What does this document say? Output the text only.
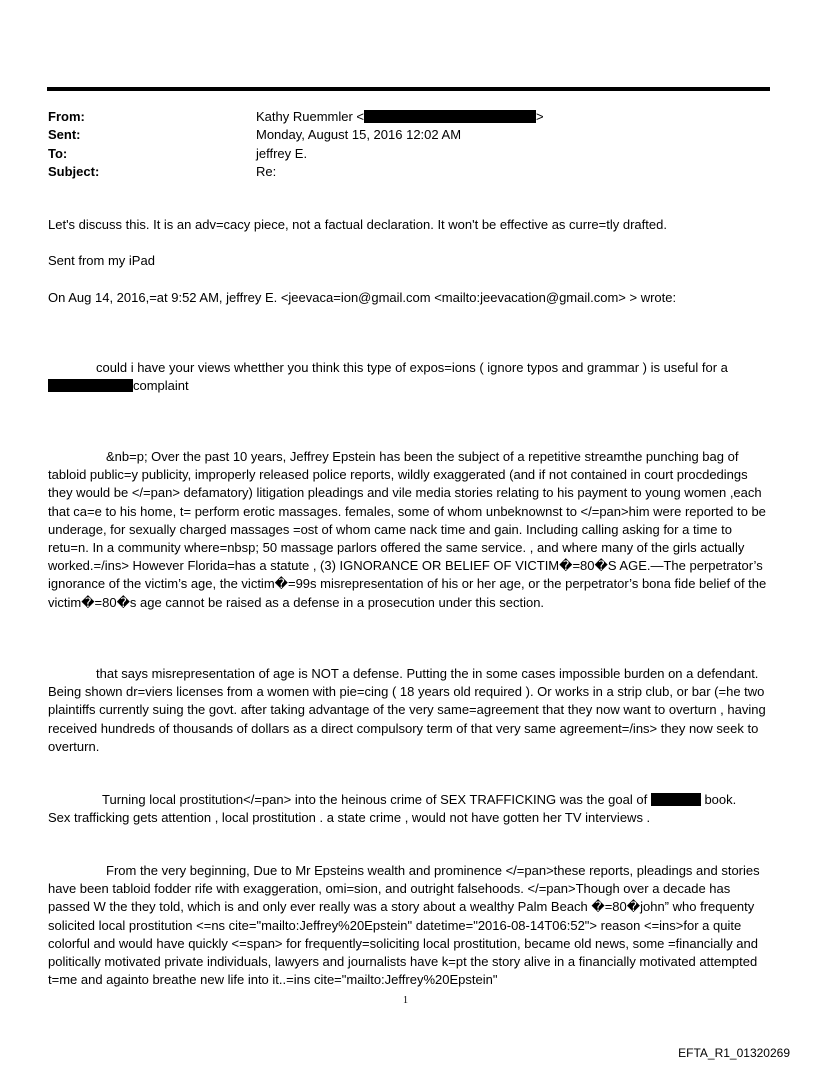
From:	Kathy Ruemmler <	>
Sent:	Monday, August 15, 2016 12:02 AM
To:	jeffrey E.
Subject:	Re:
Let's discuss this. It is an adv=cacy piece, not a factual declaration. It won't be effective as curre=tly drafted.
Sent from my iPad
On Aug 14, 2016,=at 9:52 AM, jeffrey E. <jeevaca=ion@gmail.com <mailto:jeevacation@gmail.com> > wrote:

could i have your views whetther you think this type of expos=ions ( ignore typos and grammar ) is useful for a

complaint

&nb=p; Over the past 10 years, Jeffrey Epstein has been the subject of a repetitive streamthe punching bag of tabloid public=y publicity, improperly released police reports, wildly exaggerated (and if not contained in court procdedings they would be </=pan> defamatory) litigation pleadings and vile media stories relating to his payment to young women ,each that ca=e to his home, t= perform erotic massages. females, some of whom unbeknownst to </=pan>him were reported to be underage, for sexually charged massages =ost of whom came nack time and gain. Including calling asking for a time to retu=n. In a community where=nbsp; 50 massage parlors offered the same service. , and where many of the girls actually worked.=/ins> However Florida=has a statute , (3) IGNORANCE OR BELIEF OF VICTIM�=80�S AGE.—The perpetrator’s ignorance of the victim’s age, the victim�=99s misrepresentation of his or her age, or the perpetrator’s bona fide belief of the victim�=80�s age cannot be raised as a defense in a prosecution under this section.

that says misrepresentation of age is NOT a defense. Putting the in some cases impossible burden on a defendant. Being shown dr=viers licenses from a women with pie=cing ( 18 years old required ). Or works in a strip club, or bar (=he two plaintiffs currently suing the govt. after taking advantage of the very same=agreement that they now want to overturn , having received hundreds of thousands of dollars as a direct compulsory term of that very same agreement=/ins> they now seek to overturn.

Turning local prostitution</=pan> into the heinous crime of SEX TRAFFICKING was the goal of	book.

Sex trafficking gets attention , local prostitution . a state crime , would not have gotten her TV interviews .

From the very beginning, Due to Mr Epsteins wealth and prominence </=pan>these reports, pleadings and stories have been tabloid fodder rife with exaggeration, omi=sion, and outright falsehoods. </=pan>Though over a decade has passed W the they told, which is and only ever really was a story about a wealthy Palm Beach �=80�john” who frequenty solicited local prostitution <=ns cite="mailto:Jeffrey%20Epstein" datetime="2016-08-14T06:52"> reason <=ins>for a quite colorful and would have quickly <=span> for frequently=soliciting local prostitution, became old news, some =financially and politically motivated private individuals, lawyers and journalists have k=pt the story alive in a financially motivated attempted t=me and againto breathe new life into it..=ins cite="mailto:Jeffrey%20Epstein"

1
EFTA_R1_01320269
